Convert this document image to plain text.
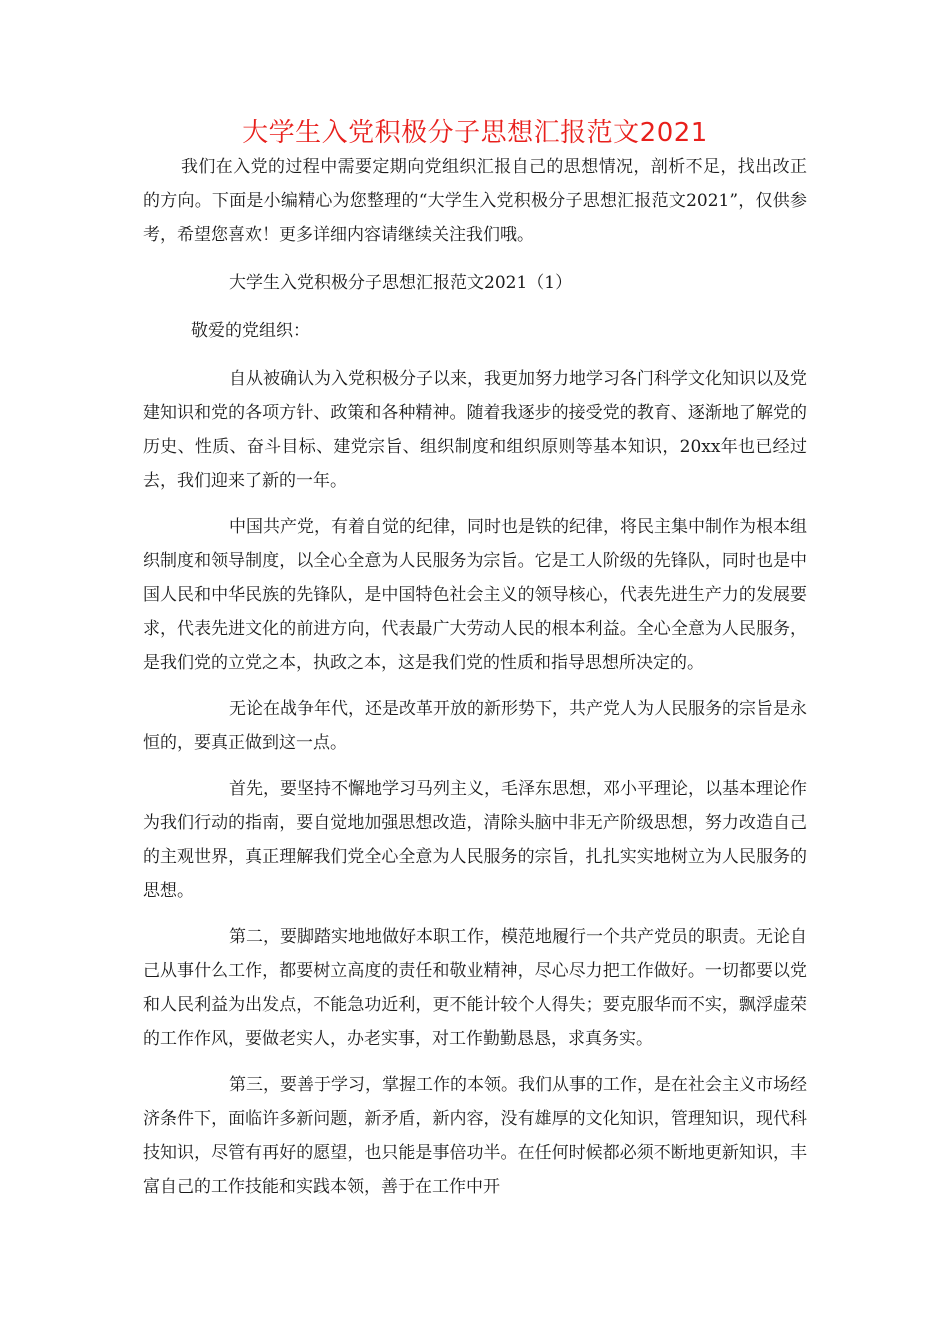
大学生入党积极分子思想汇报范文2021

我们在入党的过程中需要定期向党组织汇报自己的思想情况，剖析不足，找出改正的方向。下面是小编精心为您整理的“大学生入党积极分子思想汇报范文2021”，仅供参考，希望您喜欢！更多详细内容请继续关注我们哦。

大学生入党积极分子思想汇报范文2021（1）

敬爱的党组织：

自从被确认为入党积极分子以来，我更加努力地学习各门科学文化知识以及党建知识和党的各项方针、政策和各种精神。随着我逐步的接受党的教育、逐渐地了解党的历史、性质、奋斗目标、建党宗旨、组织制度和组织原则等基本知识，20xx年也已经过去，我们迎来了新的一年。

中国共产党，有着自觉的纪律，同时也是铁的纪律，将民主集中制作为根本组织制度和领导制度，以全心全意为人民服务为宗旨。它是工人阶级的先锋队，同时也是中国人民和中华民族的先锋队，是中国特色社会主义的领导核心，代表先进生产力的发展要求，代表先进文化的前进方向，代表最广大劳动人民的根本利益。全心全意为人民服务，是我们党的立党之本，执政之本，这是我们党的性质和指导思想所决定的。

无论在战争年代，还是改革开放的新形势下，共产党人为人民服务的宗旨是永恒的，要真正做到这一点。

首先，要坚持不懈地学习马列主义，毛泽东思想，邓小平理论，以基本理论作为我们行动的指南，要自觉地加强思想改造，清除头脑中非无产阶级思想，努力改造自己的主观世界，真正理解我们党全心全意为人民服务的宗旨，扎扎实实地树立为人民服务的思想。

第二，要脚踏实地地做好本职工作，模范地履行一个共产党员的职责。无论自己从事什么工作，都要树立高度的责任和敬业精神，尽心尽力把工作做好。一切都要以党和人民利益为出发点，不能急功近利，更不能计较个人得失；要克服华而不实，飘浮虚荣的工作作风，要做老实人，办老实事，对工作勤勤恳恳，求真务实。

第三，要善于学习，掌握工作的本领。我们从事的工作，是在社会主义市场经济条件下，面临许多新问题，新矛盾，新内容，没有雄厚的文化知识，管理知识，现代科技知识，尽管有再好的愿望，也只能是事倍功半。在任何时候都必须不断地更新知识，丰富自己的工作技能和实践本领，善于在工作中开
